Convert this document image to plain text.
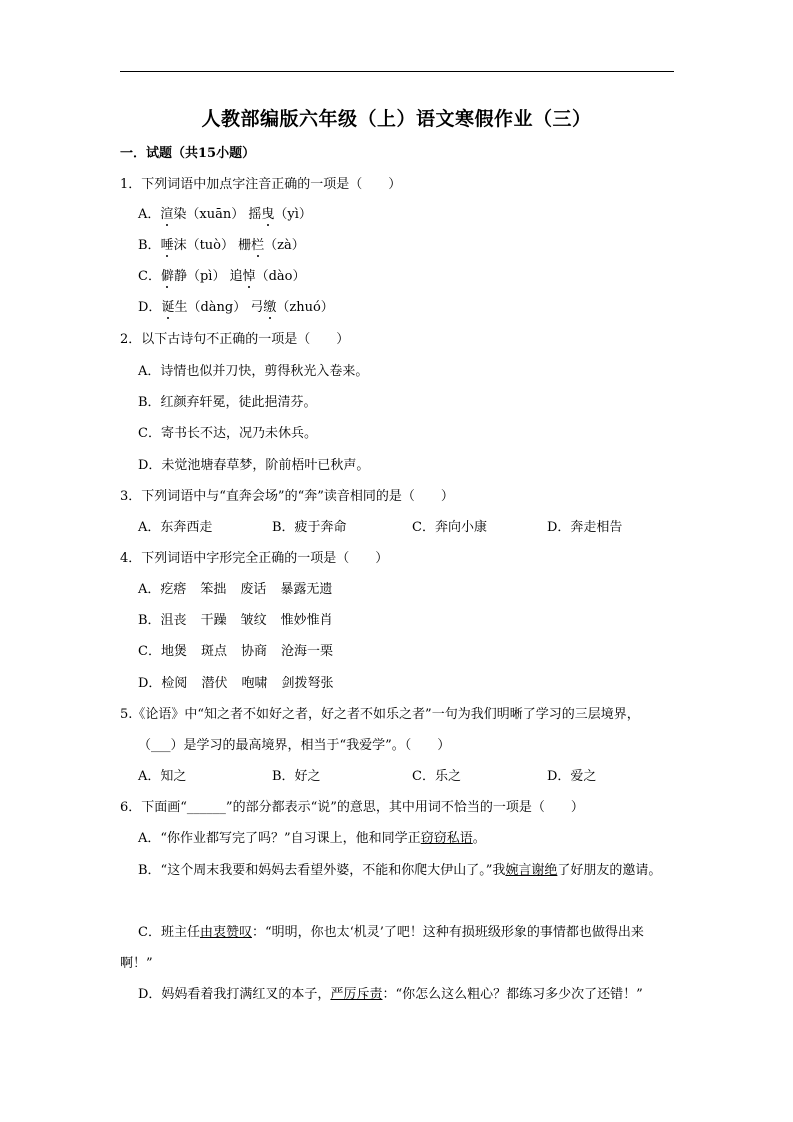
人教部编版六年级（上）语文寒假作业（三）
一．试题（共15小题）
1．下列词语中加点字注音正确的一项是（　　）
A．渲染（xuān） 摇曳（yì）
B．唾沫（tuò） 栅栏（zà）
C．僻静（pì） 追悼（dào）
D．诞生（dàng） 弓缴（zhuó）
2．以下古诗句不正确的一项是（　　）
A．诗情也似并刀快，剪得秋光入卷来。
B．红颜弃轩冕，徒此挹清芬。
C．寄书长不达，况乃未休兵。
D．未觉池塘春草梦，阶前梧叶已秋声。
3．下列词语中与“直奔会场”的“奔”读音相同的是（　　）
A．东奔西走	B．疲于奔命	C．奔向小康	D．奔走相告
4．下列词语中字形完全正确的一项是（　　）
A．疙瘩 笨拙 废话 暴露无遗
B．沮丧 干躁 皱纹 惟妙惟肖
C．地煲 斑点 协商 沧海一栗
D．检阅 潜伏 咆啸 剑拨弩张
5.《论语》中“知之者不如好之者，好之者不如乐之者”一句为我们明晰了学习的三层境界，
（___）是学习的最高境界，相当于“我爱学”。（　　）
A．知之	B．好之	C．乐之	D．爱之
6．下面画“______”的部分都表示“说”的意思，其中用词不恰当的一项是（　　）
A．“你作业都写完了吗？”自习课上，他和同学正窃窃私语。
B．“这个周末我要和妈妈去看望外婆，不能和你爬大伊山了。”我婉言谢绝了好朋友的邀请。
C．班主任由衷赞叹：“明明，你也太‘机灵’了吧！这种有损班级形象的事情都也做得出来啊！”
D．妈妈看着我打满红叉的本子，严厉斥责：“你怎么这么粗心？都练习多少次了还错！”
